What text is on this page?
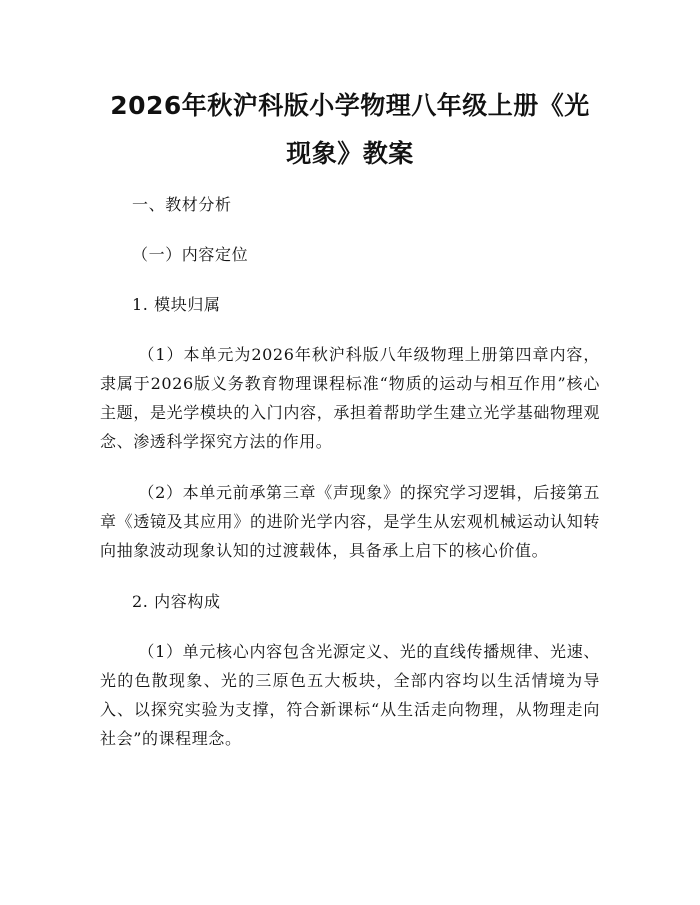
2026年秋沪科版小学物理八年级上册《光现象》教案

一、教材分析

（一）内容定位

1. 模块归属

（1）本单元为2026年秋沪科版八年级物理上册第四章内容，隶属于2026版义务教育物理课程标准“物质的运动与相互作用”核心主题，是光学模块的入门内容，承担着帮助学生建立光学基础物理观念、渗透科学探究方法的作用。

（2）本单元前承第三章《声现象》的探究学习逻辑，后接第五章《透镜及其应用》的进阶光学内容，是学生从宏观机械运动认知转向抽象波动现象认知的过渡载体，具备承上启下的核心价值。

2. 内容构成

（1）单元核心内容包含光源定义、光的直线传播规律、光速、光的色散现象、光的三原色五大板块，全部内容均以生活情境为导入、以探究实验为支撑，符合新课标“从生活走向物理，从物理走向社会”的课程理念。
